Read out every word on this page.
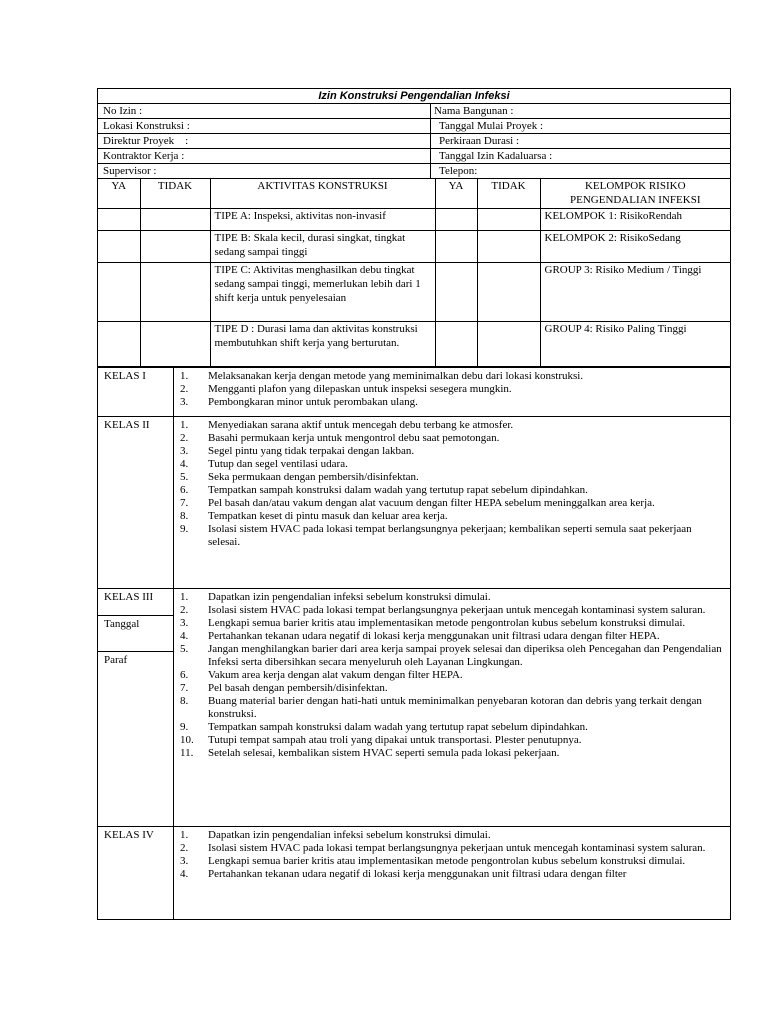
Izin Konstruksi Pengendalian Infeksi
No Izin :	Nama Bangunan :
Lokasi Konstruksi :	Tanggal Mulai Proyek :
Direktur Proyek    :	Perkiraan Durasi :
Kontraktor Kerja :	Tanggal Izin Kadaluarsa :
Supervisor :	Telepon:
YA	TIDAK	AKTIVITAS KONSTRUKSI	YA	TIDAK	KELOMPOK RISIKO PENGENDALIAN INFEKSI
		TIPE A: Inspeksi, aktivitas non-invasif			KELOMPOK 1: RisikoRendah
		TIPE B: Skala kecil, durasi singkat, tingkat sedang sampai tinggi			KELOMPOK 2: RisikoSedang
		TIPE C: Aktivitas menghasilkan debu tingkat sedang sampai tinggi, memerlukan lebih dari 1 shift kerja untuk penyelesaian			GROUP 3: Risiko Medium / Tinggi
		TIPE D : Durasi lama dan aktivitas konstruksi membutuhkan shift kerja yang berturutan.			GROUP 4: Risiko Paling Tinggi
KELAS I	1.	Melaksanakan kerja dengan metode yang meminimalkan debu dari lokasi konstruksi.
2.	Mengganti plafon yang dilepaskan untuk inspeksi sesegera mungkin.
3.	Pembongkaran minor untuk perombakan ulang.
KELAS II	1.	Menyediakan sarana aktif untuk mencegah debu terbang ke atmosfer.
2.	Basahi permukaan kerja untuk mengontrol debu saat pemotongan.
3.	Segel pintu yang tidak terpakai dengan lakban.
4.	Tutup dan segel ventilasi udara.
5.	Seka permukaan dengan pembersih/disinfektan.
6.	Tempatkan sampah konstruksi dalam wadah yang tertutup rapat sebelum dipindahkan.
7.	Pel basah dan/atau vakum dengan alat vacuum dengan filter HEPA sebelum meninggalkan area kerja.
8.	Tempatkan keset di pintu masuk dan keluar area kerja.
9.	Isolasi sistem HVAC pada lokasi tempat berlangsungnya pekerjaan; kembalikan seperti semula saat pekerjaan selesai.
KELAS III
Tanggal
Paraf
1.	Dapatkan izin pengendalian infeksi sebelum konstruksi dimulai.
2.	Isolasi sistem HVAC pada lokasi tempat berlangsungnya pekerjaan untuk mencegah kontaminasi system saluran.
3.	Lengkapi semua barier kritis atau implementasikan metode pengontrolan kubus sebelum konstruksi dimulai.
4.	Pertahankan tekanan udara negatif di lokasi kerja menggunakan unit filtrasi udara dengan filter HEPA.
5.	Jangan menghilangkan barier dari area kerja sampai proyek selesai dan diperiksa oleh Pencegahan dan Pengendalian Infeksi serta dibersihkan secara menyeluruh oleh Layanan Lingkungan.
6.	Vakum area kerja dengan alat vakum dengan filter HEPA.
7.	Pel basah dengan pembersih/disinfektan.
8.	Buang material barier dengan hati-hati untuk meminimalkan penyebaran kotoran dan debris yang terkait dengan konstruksi.
9.	Tempatkan sampah konstruksi dalam wadah yang tertutup rapat sebelum dipindahkan.
10.	Tutupi tempat sampah atau troli yang dipakai untuk transportasi. Plester penutupnya.
11.	Setelah selesai, kembalikan sistem HVAC seperti semula pada lokasi pekerjaan.
KELAS IV	1.	Dapatkan izin pengendalian infeksi sebelum konstruksi dimulai.
2.	Isolasi sistem HVAC pada lokasi tempat berlangsungnya pekerjaan untuk mencegah kontaminasi system saluran.
3.	Lengkapi semua barier kritis atau implementasikan metode pengontrolan kubus sebelum konstruksi dimulai.
4.	Pertahankan tekanan udara negatif di lokasi kerja menggunakan unit filtrasi udara dengan filter
